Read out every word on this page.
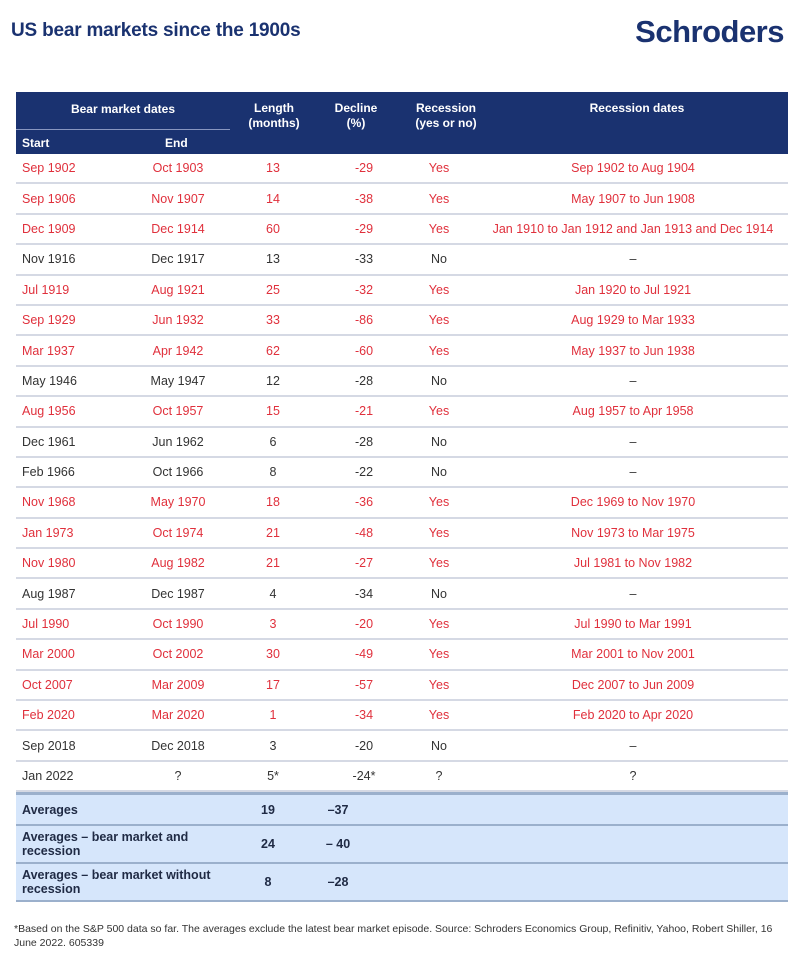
US bear markets since the 1900s	Schroders
Bear market dates
Start	End
Length (months)
Decline (%)
Recession (yes or no)
Recession dates
Sep 1902	Oct 1903	13	-29	Yes	Sep 1902 to Aug 1904
Sep 1906	Nov 1907	14	-38	Yes	May 1907 to Jun 1908
Dec 1909	Dec 1914	60	-29	Yes	Jan 1910 to Jan 1912 and Jan 1913 and Dec 1914
Nov 1916	Dec 1917	13	-33	No	–
Jul 1919	Aug 1921	25	-32	Yes	Jan 1920 to Jul 1921
Sep 1929	Jun 1932	33	-86	Yes	Aug 1929 to Mar 1933
Mar 1937	Apr 1942	62	-60	Yes	May 1937 to Jun 1938
May 1946	May 1947	12	-28	No	–
Aug 1956	Oct 1957	15	-21	Yes	Aug 1957 to Apr 1958
Dec 1961	Jun 1962	6	-28	No	–
Feb 1966	Oct 1966	8	-22	No	–
Nov 1968	May 1970	18	-36	Yes	Dec 1969 to Nov 1970
Jan 1973	Oct 1974	21	-48	Yes	Nov 1973 to Mar 1975
Nov 1980	Aug 1982	21	-27	Yes	Jul 1981 to Nov 1982
Aug 1987	Dec 1987	4	-34	No	–
Jul 1990	Oct 1990	3	-20	Yes	Jul 1990 to Mar 1991
Mar 2000	Oct 2002	30	-49	Yes	Mar 2001 to Nov 2001
Oct 2007	Mar 2009	17	-57	Yes	Dec 2007 to Jun 2009
Feb 2020	Mar 2020	1	-34	Yes	Feb 2020 to Apr 2020
Sep 2018	Dec 2018	3	-20	No	–
Jan 2022	?	5*	-24*	?	?
Averages	19	–37
Averages – bear market and recession	24	– 40
Averages – bear market without recession	8	–28
*Based on the S&P 500 data so far. The averages exclude the latest bear market episode. Source: Schroders Economics Group, Refinitiv, Yahoo, Robert Shiller, 16 June 2022. 605339
